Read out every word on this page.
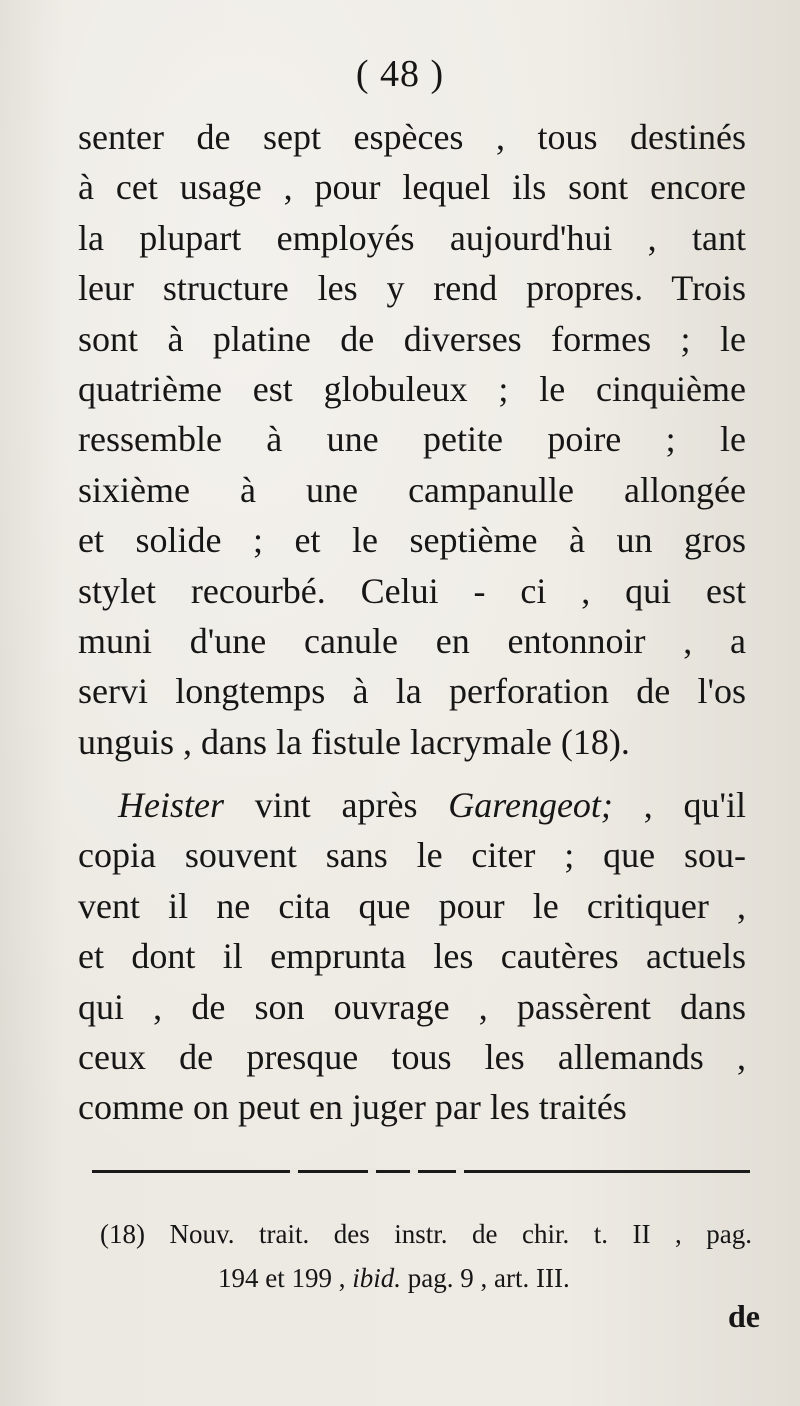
( 48 )
senter de sept espèces , tous destinés
à cet usage , pour lequel ils sont encore
la plupart employés aujourd'hui , tant
leur structure les y rend propres. Trois
sont à platine de diverses formes ; le
quatrième est globuleux ; le cinquième
ressemble à une petite poire ; le
sixième à une campanulle allongée
et solide ; et le septième à un gros
stylet recourbé. Celui - ci , qui est
muni d'une canule en entonnoir , a
servi longtemps à la perforation de l'os
unguis , dans la fistule lacrymale (18).
Heister vint après Garengeot; , qu'il
copia souvent sans le citer ; que sou-
vent il ne cita que pour le critiquer ,
et dont il emprunta les cautères actuels
qui , de son ouvrage , passèrent dans
ceux de presque tous les allemands ,
comme on peut en juger par les traités
(18) Nouv. trait. des instr. de chir. t. II , pag.
194 et 199 , ibid. pag. 9 , art. III.
de
